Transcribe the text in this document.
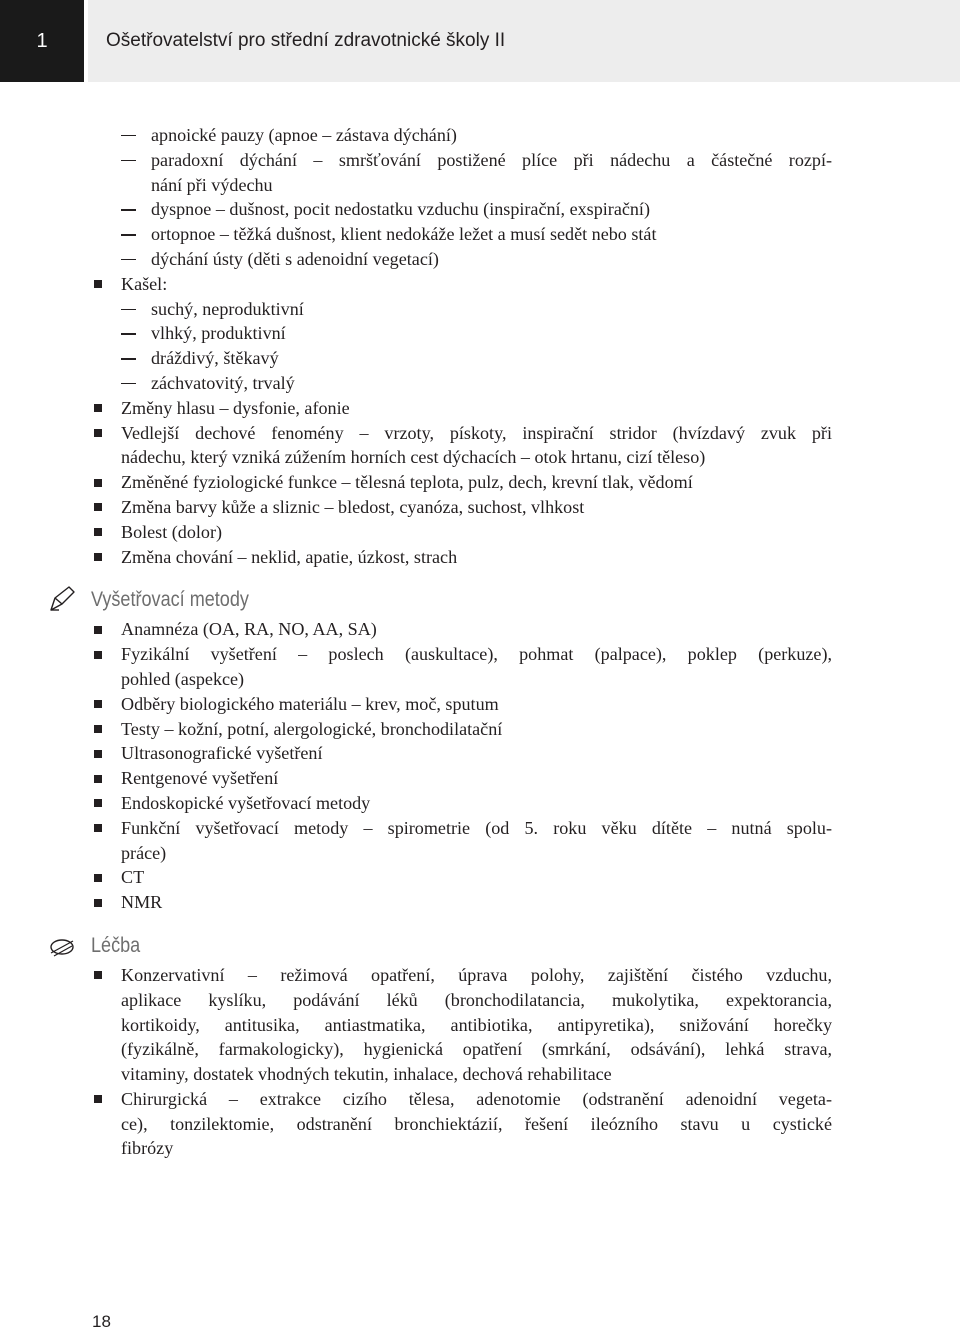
1	Ošetřovatelství pro střední zdravotnické školy II
apnoické pauzy (apnoe – zástava dýchání)
paradoxní dýchání – smršťování postižené plíce při nádechu a částečné rozpí-
nání při výdechu
dyspnoe – dušnost, pocit nedostatku vzduchu (inspirační, exspirační)
ortopnoe – těžká dušnost, klient nedokáže ležet a musí sedět nebo stát
dýchání ústy (děti s adenoidní vegetací)
Kašel:
suchý, neproduktivní
vlhký, produktivní
dráždivý, štěkavý
záchvatovitý, trvalý
Změny hlasu – dysfonie, afonie
Vedlejší dechové fenomény – vrzoty, pískoty, inspirační stridor (hvízdavý zvuk při
nádechu, který vzniká zúžením horních cest dýchacích – otok hrtanu, cizí těleso)
Změněné fyziologické funkce – tělesná teplota, pulz, dech, krevní tlak, vědomí
Změna barvy kůže a sliznic – bledost, cyanóza, suchost, vlhkost
Bolest (dolor)
Změna chování – neklid, apatie, úzkost, strach
Vyšetřovací metody
Anamnéza (OA, RA, NO, AA, SA)
Fyzikální vyšetření – poslech (auskultace), pohmat (palpace), poklep (perkuze),
pohled (aspekce)
Odběry biologického materiálu – krev, moč, sputum
Testy – kožní, potní, alergologické, bronchodilatační
Ultrasonografické vyšetření
Rentgenové vyšetření
Endoskopické vyšetřovací metody
Funkční vyšetřovací metody – spirometrie (od 5. roku věku dítěte – nutná spolu-
práce)
CT
NMR
Léčba
Konzervativní – režimová opatření, úprava polohy, zajištění čistého vzduchu,
aplikace kyslíku, podávání léků (bronchodilatancia, mukolytika, expektorancia,
kortikoidy, antitusika, antiastmatika, antibiotika, antipyretika), snižování horečky
(fyzikálně, farmakologicky), hygienická opatření (smrkání, odsávání), lehká strava,
vitaminy, dostatek vhodných tekutin, inhalace, dechová rehabilitace
Chirurgická – extrakce cizího tělesa, adenotomie (odstranění adenoidní vegeta-
ce), tonzilektomie, odstranění bronchiektázií, řešení ileózního stavu u cystické
fibrózy
18
